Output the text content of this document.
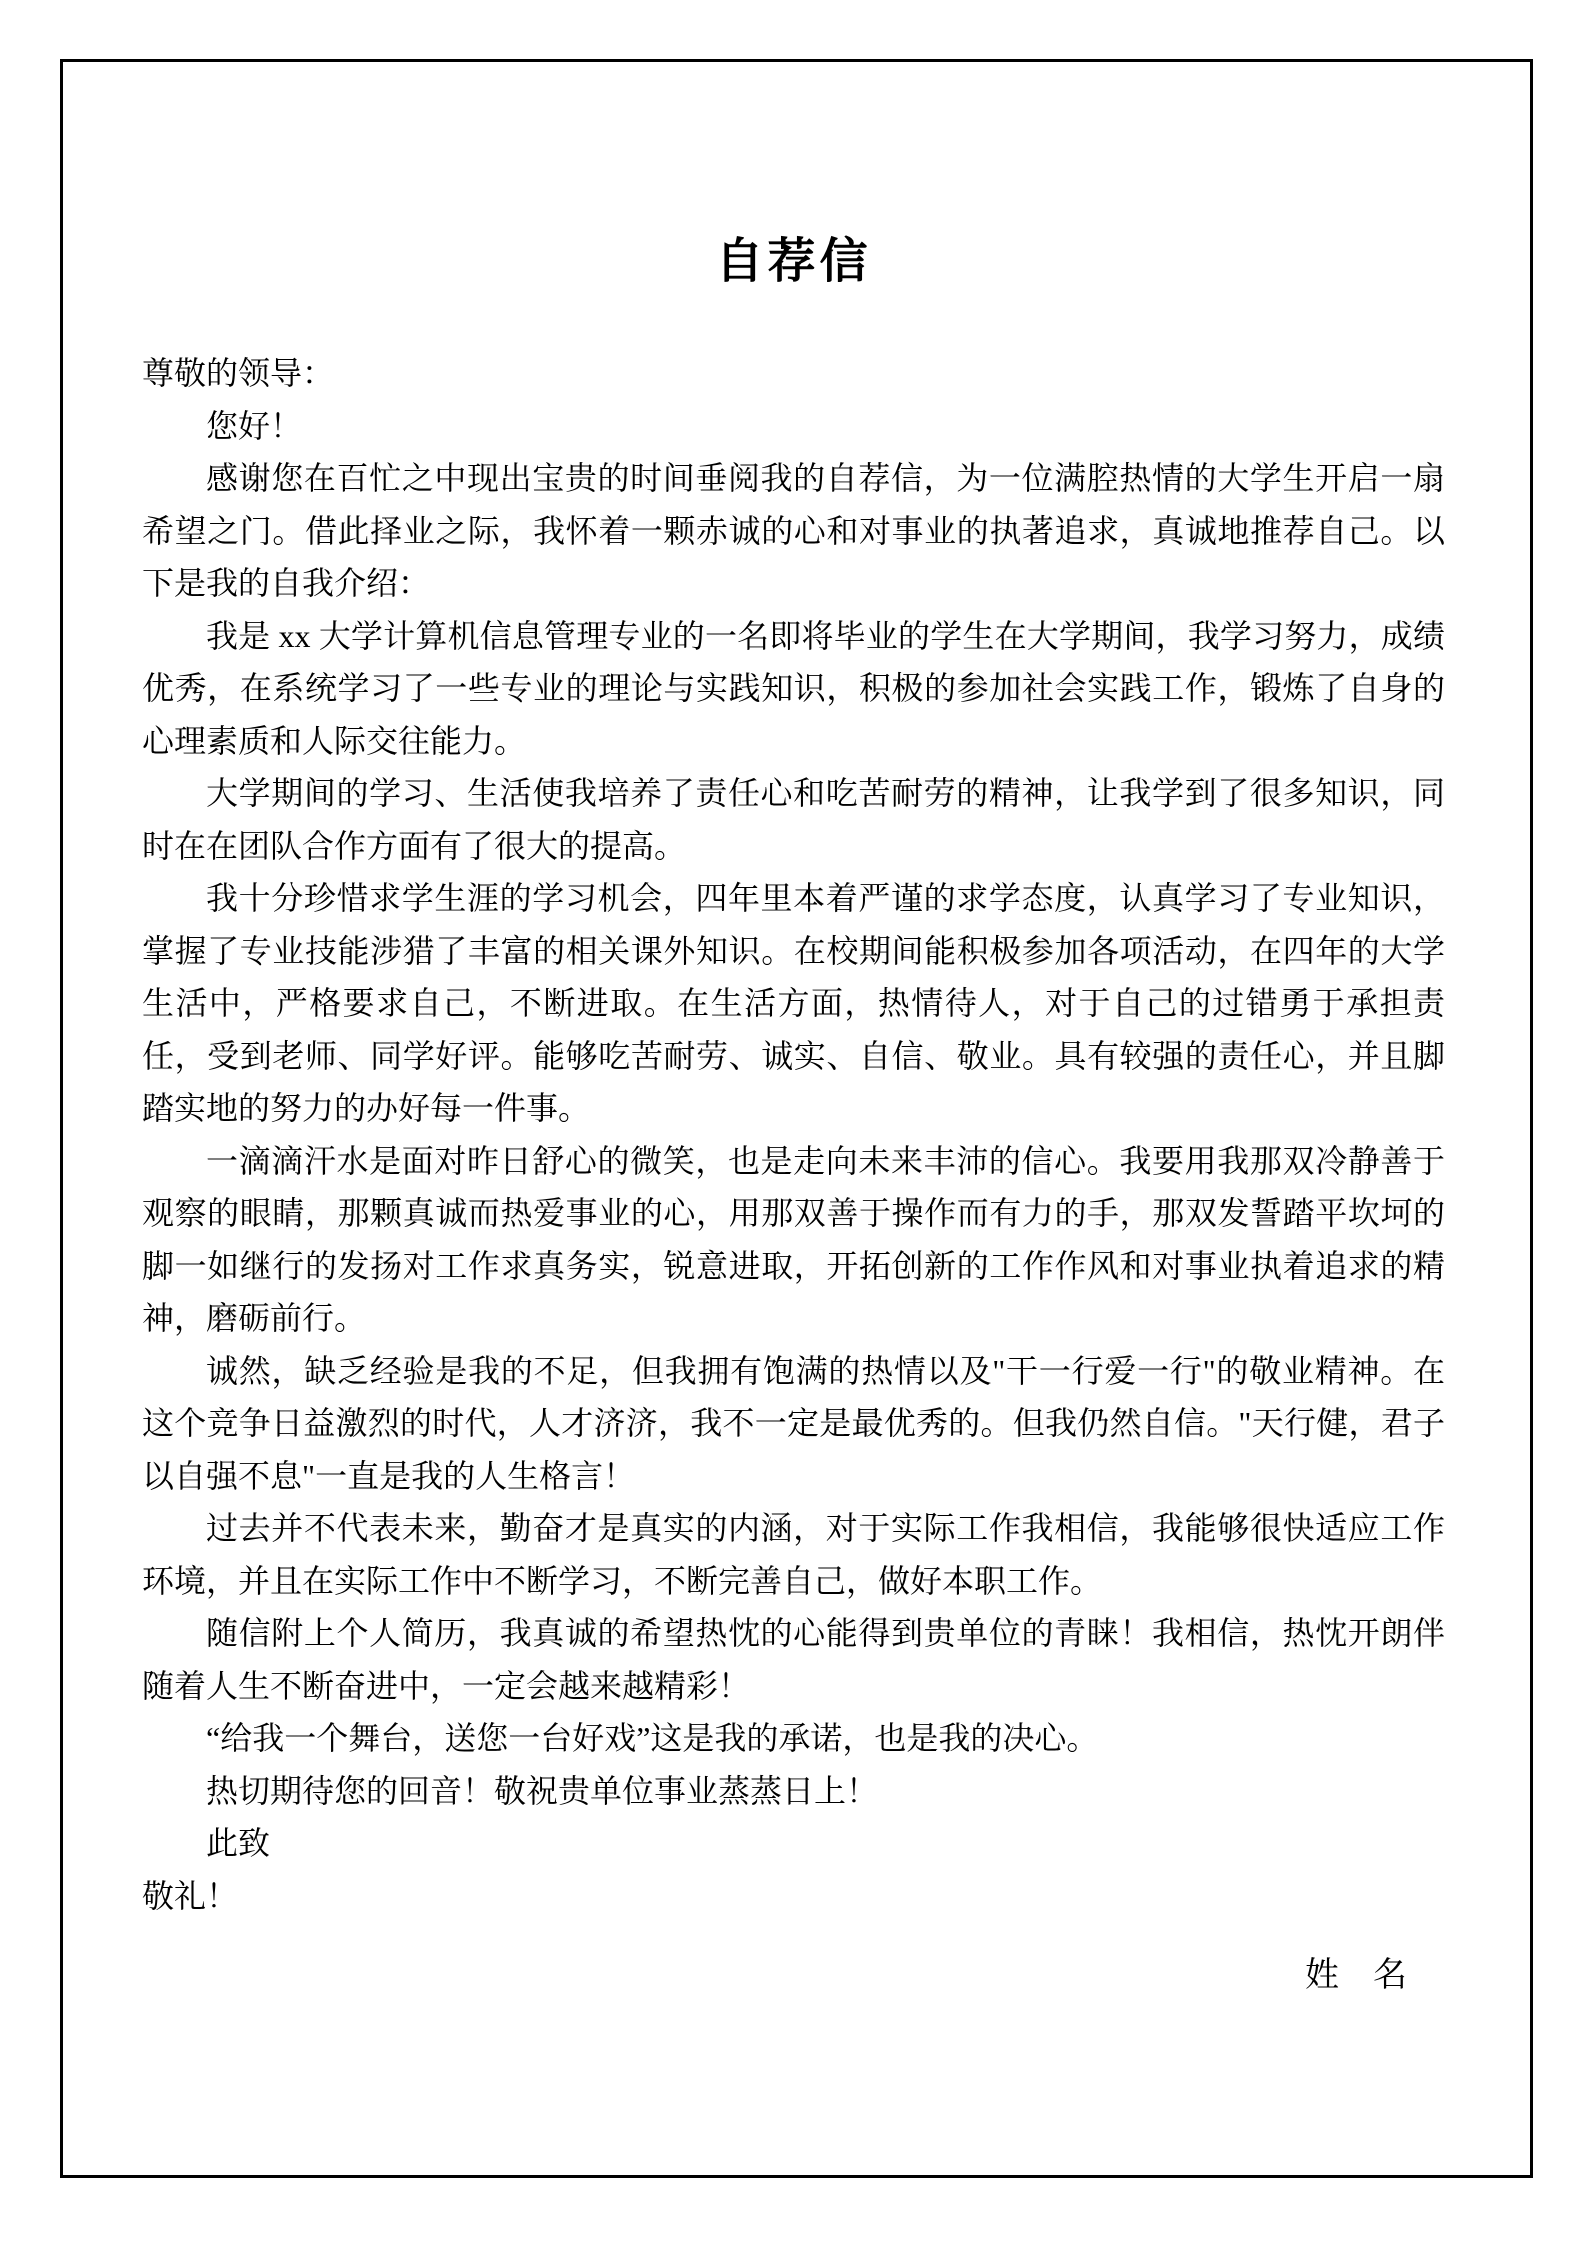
自荐信

尊敬的领导：

您好！

感谢您在百忙之中现出宝贵的时间垂阅我的自荐信，为一位满腔热情的大学生开启一扇希望之门。借此择业之际，我怀着一颗赤诚的心和对事业的执著追求，真诚地推荐自己。以下是我的自我介绍：

我是 xx 大学计算机信息管理专业的一名即将毕业的学生在大学期间，我学习努力，成绩优秀，在系统学习了一些专业的理论与实践知识，积极的参加社会实践工作，锻炼了自身的心理素质和人际交往能力。

大学期间的学习、生活使我培养了责任心和吃苦耐劳的精神，让我学到了很多知识，同时在在团队合作方面有了很大的提高。

我十分珍惜求学生涯的学习机会，四年里本着严谨的求学态度，认真学习了专业知识，掌握了专业技能涉猎了丰富的相关课外知识。在校期间能积极参加各项活动，在四年的大学生活中，严格要求自己，不断进取。在生活方面，热情待人，对于自己的过错勇于承担责任，受到老师、同学好评。能够吃苦耐劳、诚实、自信、敬业。具有较强的责任心，并且脚踏实地的努力的办好每一件事。

一滴滴汗水是面对昨日舒心的微笑，也是走向未来丰沛的信心。我要用我那双冷静善于观察的眼睛，那颗真诚而热爱事业的心，用那双善于操作而有力的手，那双发誓踏平坎坷的脚一如继行的发扬对工作求真务实，锐意进取，开拓创新的工作作风和对事业执着追求的精神，磨砺前行。

诚然，缺乏经验是我的不足，但我拥有饱满的热情以及"干一行爱一行"的敬业精神。在这个竞争日益激烈的时代，人才济济，我不一定是最优秀的。但我仍然自信。"天行健，君子以自强不息"一直是我的人生格言！

过去并不代表未来，勤奋才是真实的内涵，对于实际工作我相信，我能够很快适应工作环境，并且在实际工作中不断学习，不断完善自己，做好本职工作。

随信附上个人简历，我真诚的希望热忱的心能得到贵单位的青睐！我相信，热忱开朗伴随着人生不断奋进中，一定会越来越精彩！

“给我一个舞台，送您一台好戏”这是我的承诺，也是我的决心。

热切期待您的回音！敬祝贵单位事业蒸蒸日上！

此致

敬礼！

姓　名
